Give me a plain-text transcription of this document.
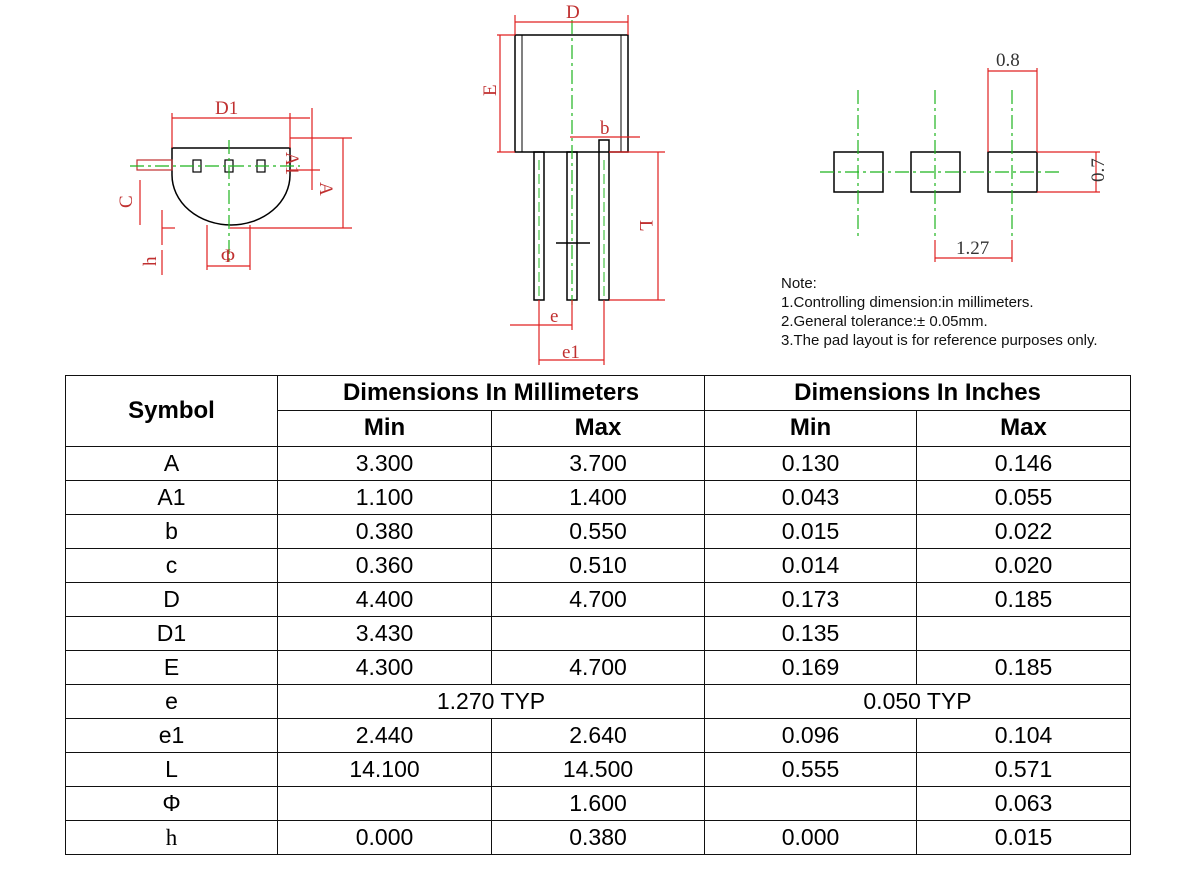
D1
A1
A
C
h	Φ
D
E
b
L
e
e1
0.8
0.7
1.27
Note:
1.Controlling dimension:in millimeters.
2.General tolerance:± 0.05mm.
3.The pad layout is for reference purposes only.
Symbol	Dimensions In Millimeters		Dimensions In Inches	
	Min	Max	Min	Max
A	3.300	3.700	0.130	0.146
A1	1.100	1.400	0.043	0.055
b	0.380	0.550	0.015	0.022
c	0.360	0.510	0.014	0.020
D	4.400	4.700	0.173	0.185
D1	3.430		0.135	
E	4.300	4.700	0.169	0.185
e	1.270 TYP		0.050 TYP	
e1	2.440	2.640	0.096	0.104
L	14.100	14.500	0.555	0.571
Φ		1.600		0.063
h	0.000	0.380	0.000	0.015
